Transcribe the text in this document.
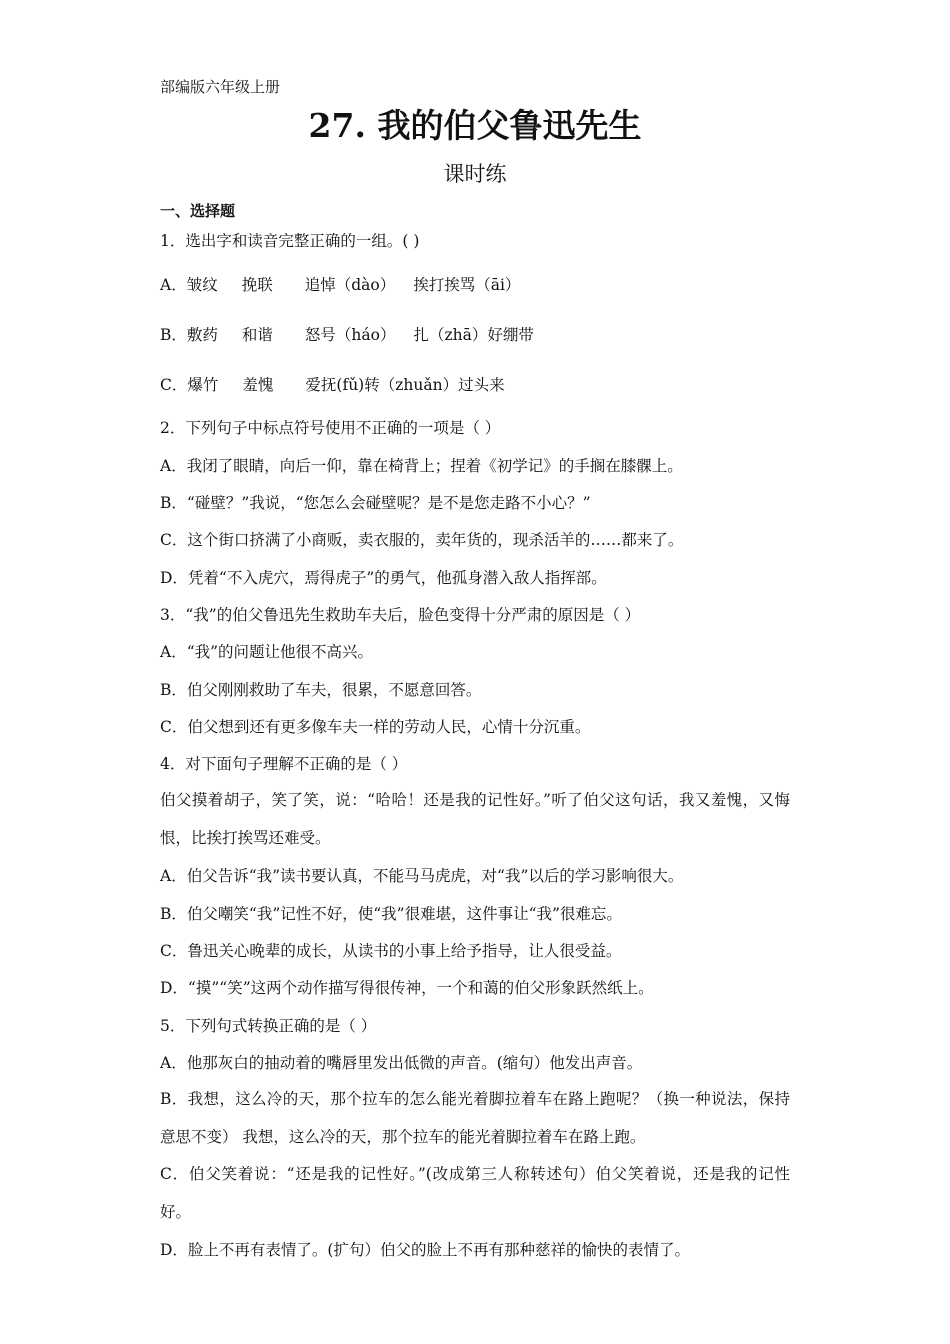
部编版六年级上册
27. 我的伯父鲁迅先生
课时练
一、选择题
1．选出字和读音完整正确的一组。( )
A．皱纹 挽联 追悼（dào） 挨打挨骂（āi）
B．敷药 和谐 怒号（háo） 扎（zhā）好绷带
C．爆竹 羞愧 爱抚(fǔ)转（zhuǎn）过头来
2．下列句子中标点符号使用不正确的一项是（ ）
A．我闭了眼睛，向后一仰，靠在椅背上；捏着《初学记》的手搁在膝髁上。
B．“碰壁？”我说，“您怎么会碰壁呢？是不是您走路不小心？”
C．这个街口挤满了小商贩，卖衣服的，卖年货的，现杀活羊的……都来了。
D．凭着“不入虎穴，焉得虎子”的勇气，他孤身潜入敌人指挥部。
3．“我”的伯父鲁迅先生救助车夫后，脸色变得十分严肃的原因是（ ）
A．“我”的问题让他很不高兴。
B．伯父刚刚救助了车夫，很累，不愿意回答。
C．伯父想到还有更多像车夫一样的劳动人民，心情十分沉重。
4．对下面句子理解不正确的是（ ）
伯父摸着胡子，笑了笑，说：“哈哈！还是我的记性好。”听了伯父这句话，我又羞愧，又悔恨，比挨打挨骂还难受。
A．伯父告诉“我”读书要认真，不能马马虎虎，对“我”以后的学习影响很大。
B．伯父嘲笑“我”记性不好，使“我”很难堪，这件事让“我”很难忘。
C．鲁迅关心晚辈的成长，从读书的小事上给予指导，让人很受益。
D．“摸”“笑”这两个动作描写得很传神，一个和蔼的伯父形象跃然纸上。
5．下列句式转换正确的是（ ）
A．他那灰白的抽动着的嘴唇里发出低微的声音。(缩句）他发出声音。
B．我想，这么冷的天，那个拉车的怎么能光着脚拉着车在路上跑呢？（换一种说法，保持意思不变） 我想，这么冷的天，那个拉车的能光着脚拉着车在路上跑。
C．伯父笑着说：“还是我的记性好。”(改成第三人称转述句）伯父笑着说，还是我的记性好。
D．脸上不再有表情了。(扩句）伯父的脸上不再有那种慈祥的愉快的表情了。
